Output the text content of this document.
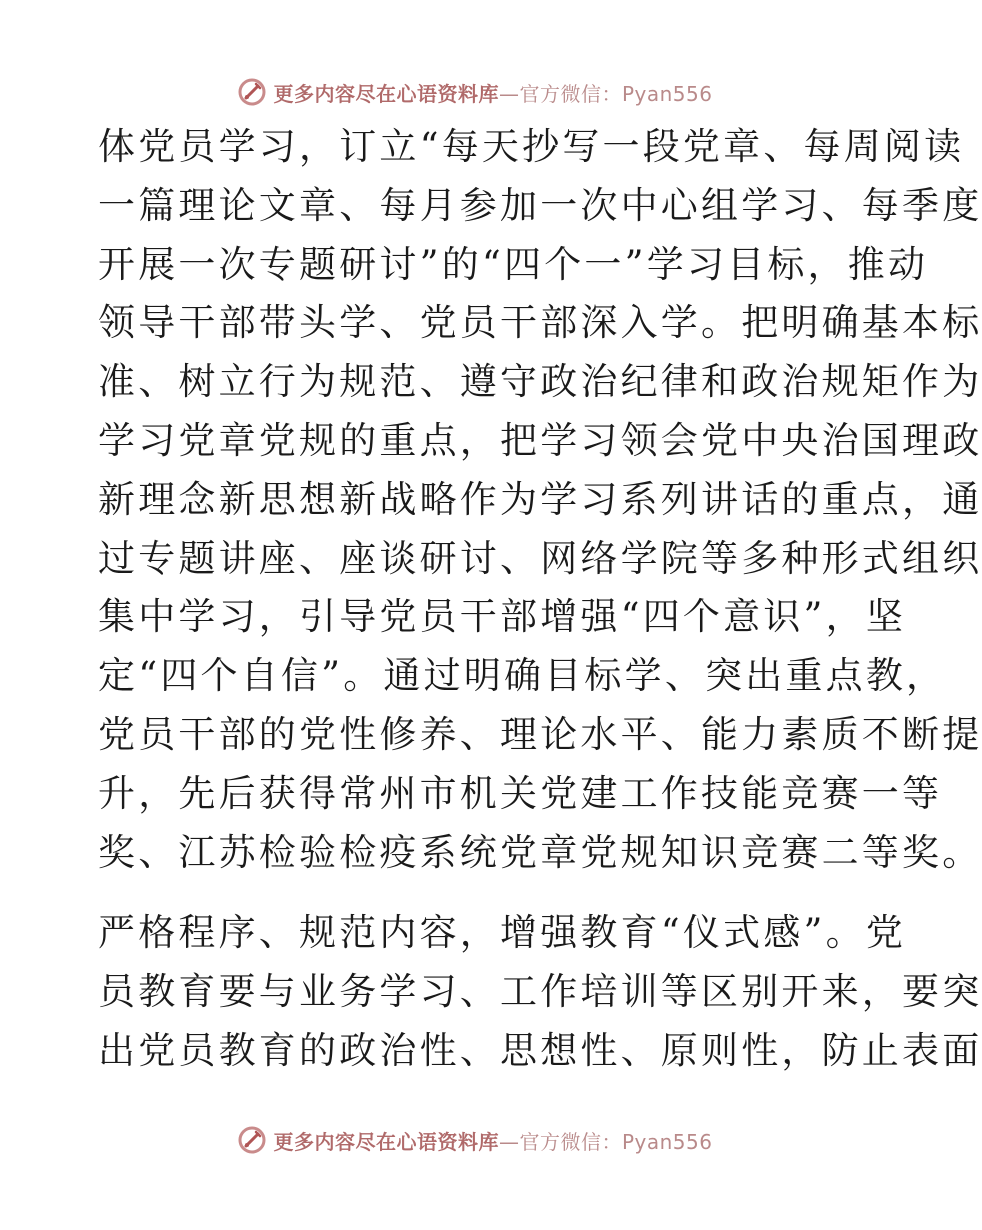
更多内容尽在心语资料库—官方微信：Pyan556
体党员学习，订立“每天抄写一段党章、每周阅读
一篇理论文章、每月参加一次中心组学习、每季度
开展一次专题研讨”的“四个一”学习目标，推动
领导干部带头学、党员干部深入学。把明确基本标
准、树立行为规范、遵守政治纪律和政治规矩作为
学习党章党规的重点，把学习领会党中央治国理政
新理念新思想新战略作为学习系列讲话的重点，通
过专题讲座、座谈研讨、网络学院等多种形式组织
集中学习，引导党员干部增强“四个意识”，坚
定“四个自信”。通过明确目标学、突出重点教，
党员干部的党性修养、理论水平、能力素质不断提
升，先后获得常州市机关党建工作技能竞赛一等
奖、江苏检验检疫系统党章党规知识竞赛二等奖。
严格程序、规范内容，增强教育“仪式感”。党
员教育要与业务学习、工作培训等区别开来，要突
出党员教育的政治性、思想性、原则性，防止表面
更多内容尽在心语资料库—官方微信：Pyan556
